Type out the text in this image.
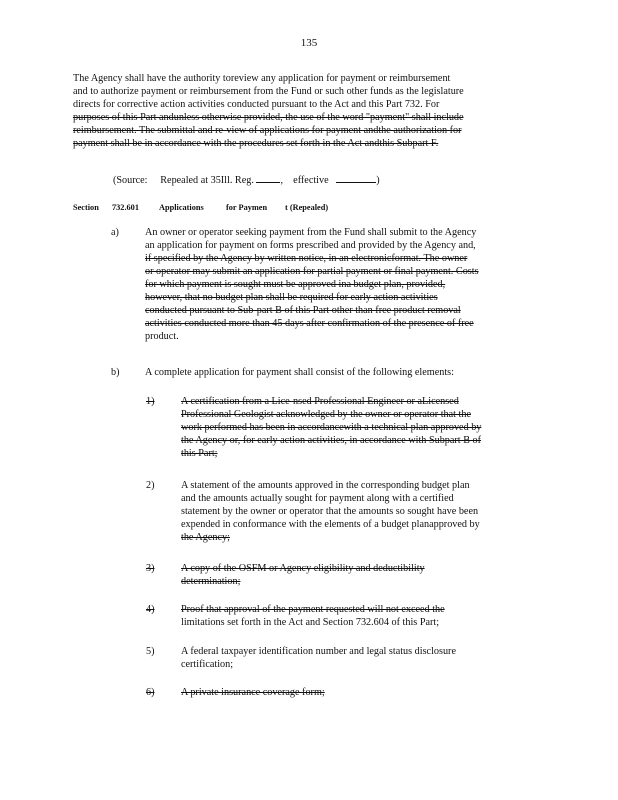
135
The Agency shall have the authority toreview any application for payment or reimbursement
and to authorize payment or reimbursement from the Fund or such other funds as the legislature
directs for corrective action activities conducted pursuant to the Act and this Part 732. For
purposes of this Part andunless otherwise provided, the use of the word "payment" shall include
reimbursement. The submittal and re-view of applications for payment andthe authorization for
payment shall be in accordance with the procedures set forth in the Act andthis Subpart F.
(Source: Repealed at 35Ill. Reg.	,    effective	)
Section 732.601 Applications	for Paymen t (Repealed)
a)	An owner or operator seeking payment from the Fund shall submit to the Agency
an application for payment on forms prescribed and provided by the Agency and,
if specified by the Agency by written notice, in an electronicformat. The owner
or operator may submit an application for partial payment or final payment. Costs
for which payment is sought must be approved ina budget plan, provided,
however, that no budget plan shall be required for early action activities
conducted pursuant to Sub-part B of this Part other than free product removal
activities conducted more than 45 days after confirmation of the presence of free
product.
b)	A complete application for payment shall consist of the following elements:
1)	A certification from a Lice-nsed Professional Engineer or aLicensed
Professional Geologist acknowledged by the owner or operator that the
work performed has been in accordancewith a technical plan approved by
the Agency or, for early action activities, in accordance with Subpart B of
this Part;
2)	A statement of the amounts approved in the corresponding budget plan
and the amounts actually sought for payment along with a certified
statement by the owner or operator that the amounts so sought have been
expended in conformance with the elements of a budget planapproved by
the Agency;
3)	A copy of the OSFM or Agency eligibility and deductibility
determination;
4)	Proof that approval of the payment requested will not exceed the
limitations set forth in the Act and Section 732.604 of this Part;
5)	A federal taxpayer identification number and legal status disclosure
certification;
6)	A private insurance coverage form;
